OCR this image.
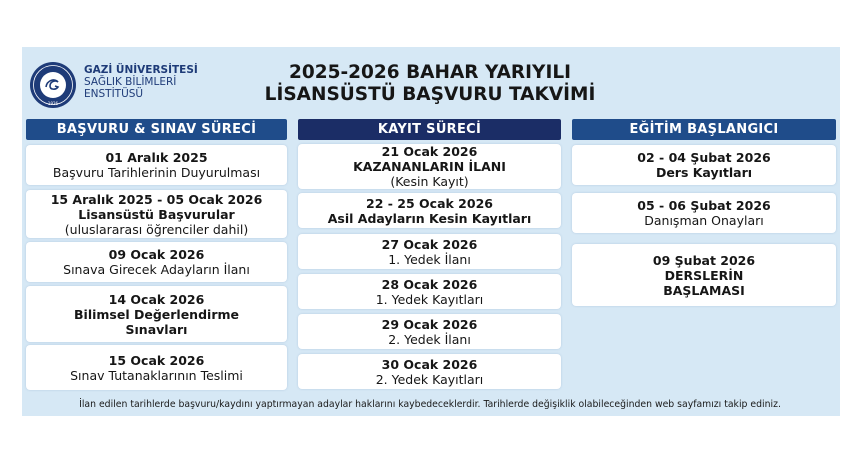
1926
GAZİ ÜNİVERSİTESİ
SAĞLIK BİLİMLERİ
ENSTİTÜSÜ
2025-2026 BAHAR YARIYILI
LİSANSÜSTÜ BAŞVURU TAKVİMİ
BAŞVURU & SINAV SÜRECİ	KAYIT SÜRECİ	EĞİTİM BAŞLANGICI
01 Aralık 2025
Başvuru Tarihlerinin Duyurulması
15 Aralık 2025 - 05 Ocak 2026
Lisansüstü Başvurular
(uluslararası öğrenciler dahil)
09 Ocak 2026
Sınava Girecek Adayların İlanı
14 Ocak 2026
Bilimsel Değerlendirme
Sınavları
15 Ocak 2026
Sınav Tutanaklarının Teslimi
21 Ocak 2026
KAZANANLARIN İLANI
(Kesin Kayıt)
22 - 25 Ocak 2026
Asil Adayların Kesin Kayıtları
27 Ocak 2026
1. Yedek İlanı
28 Ocak 2026
1. Yedek Kayıtları
29 Ocak 2026
2. Yedek İlanı
30 Ocak 2026
2. Yedek Kayıtları
02 - 04 Şubat 2026
Ders Kayıtları
05 - 06 Şubat 2026
Danışman Onayları
09 Şubat 2026
DERSLERİN
BAŞLAMASI
İlan edilen tarihlerde başvuru/kaydını yaptırmayan adaylar haklarını kaybedeceklerdir. Tarihlerde değişiklik olabileceğinden web sayfamızı takip ediniz.
